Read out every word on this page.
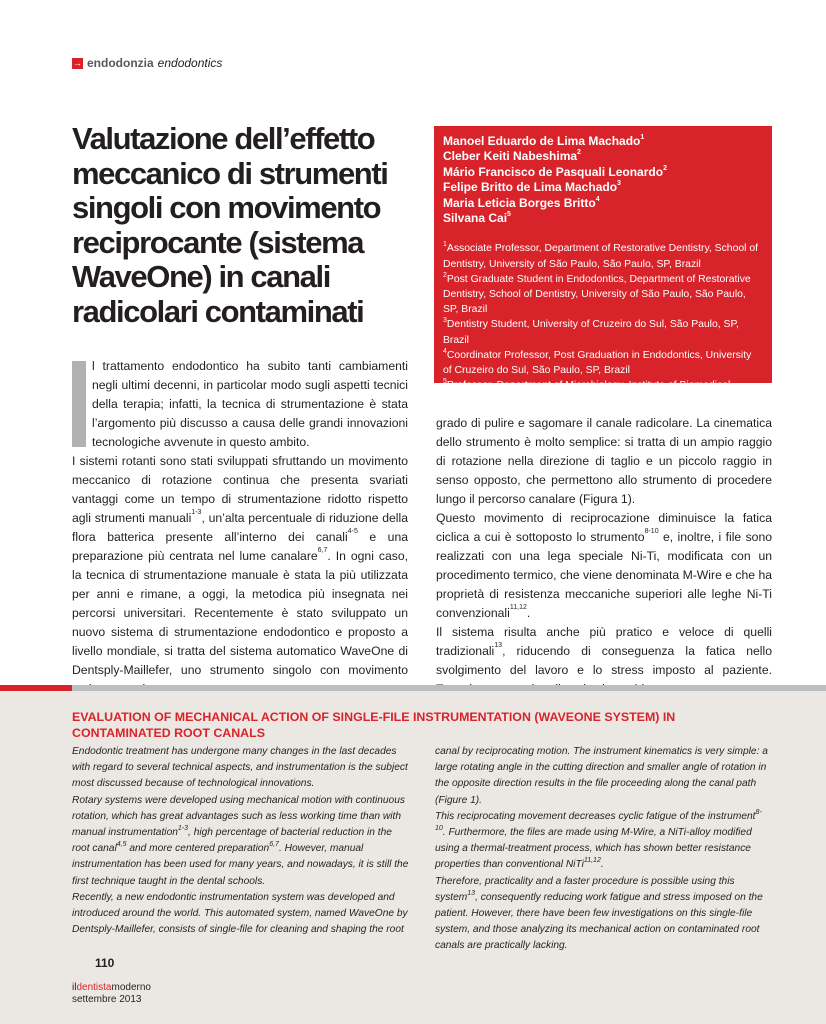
→ endodonzia endodontics
Valutazione dell’effetto meccanico di strumenti singoli con movimento reciprocante (sistema WaveOne) in canali radicolari contaminati
Manoel Eduardo de Lima Machado$^1$
Cleber Keiti Nabeshima$^2$
Mário Francisco de Pasquali Leonardo$^2$
Felipe Britto de Lima Machado$^3$
Maria Leticia Borges Britto$^4$
Silvana Cai$^5$
$^1$Associate Professor, Department of Restorative Dentistry, School of Dentistry, University of São Paulo, São Paulo, SP, Brazil
$^2$Post Graduate Student in Endodontics, Department of Restorative Dentistry, School of Dentistry, University of São Paulo, São Paulo, SP, Brazil
$^3$Dentistry Student, University of Cruzeiro do Sul, São Paulo, SP, Brazil
$^4$Coordinator Professor, Post Graduation in Endodontics, University of Cruzeiro do Sul, São Paulo, SP, Brazil
$^5$Professor, Department of Microbiology, Institute of Biomedical Science, University of São Paulo, São Paulo, SP, Brazil

l trattamento endodontico ha subito tanti cambiamenti negli ultimi decenni, in particolar modo sugli aspetti tecnici della terapia; infatti, la tecnica di strumentazione è stata l’argomento più discusso a causa delle grandi innovazioni tecnologiche avvenute in questo ambito.

I sistemi rotanti sono stati sviluppati sfruttando un movimento meccanico di rotazione continua che presenta svariati vantaggi come un tempo di strumentazione ridotto rispetto agli strumenti manuali$^{1-3}$, un’alta percentuale di riduzione della flora batterica presente all’interno dei canali$^{4-5}$ e una preparazione più centrata nel lume canalare$^{6,7}$. In ogni caso, la tecnica di strumentazione manuale è stata la più utilizzata per anni e rimane, a oggi, la metodica più insegnata nei percorsi universitari. Recentemente è stato sviluppato un nuovo sistema di strumentazione endodontico e proposto a livello mondiale, si tratta del sistema automatico WaveOne di Dentsply-Maillefer, uno strumento singolo con movimento

grado di pulire e sagomare il canale radicolare. La cinematica dello strumento è molto semplice: si tratta di un ampio raggio di rotazione nella direzione di taglio e un piccolo raggio in senso opposto, che permettono allo strumento di procedere lungo il percorso canalare (Figura 1).

Questo movimento di reciprocazione diminuisce la fatica ciclica a cui è sottoposto lo strumento$^{8-10}$ e, inoltre, i file sono realizzati con una lega speciale Ni-Ti, modificata con un procedimento termico, che viene denominata M-Wire e che ha proprietà di resistenza meccaniche superiori alle leghe Ni-Ti convenzionali$^{11,12}$.

Il sistema risulta anche più pratico e veloce di quelli tradizionali$^{13}$, riducendo di conseguenza la fatica nello svolgimento del lavoro e lo stress imposto al paziente.

EVALUATION OF MECHANICAL ACTION OF SINGLE-FILE INSTRUMENTATION (WAVEONE SYSTEM) IN CONTAMINATED ROOT CANALS

Endodontic treatment has undergone many changes in the last decades with regard to several technical aspects, and instrumentation is the subject most discussed because of technological innovations.

Rotary systems were developed using mechanical motion with continuous rotation, which has great advantages such as less working time than with manual instrumentation$^{1-3}$, high percentage of bacterial reduction in the root canal$^{4,5}$ and more centered preparation$^{6,7}$. However, manual instrumentation has been used for many years, and nowadays, it is still the first technique taught in the dental schools.

Recently, a new endodontic instrumentation system was developed and introduced around the world. This automated system, named WaveOne by Dentsply-Maillefer, consists of single-file for cleaning and shaping the root

canal by reciprocating motion. The instrument kinematics is very simple: a large rotating angle in the cutting direction and smaller angle of rotation in the opposite direction results in the file proceeding along the canal path (Figure 1).

This reciprocating movement decreases cyclic fatigue of the instrument$^{8-10}$. Furthermore, the files are made using M-Wire, a NiTi-alloy modified using a thermal-treatment process, which has shown better resistance properties than conventional NiTi$^{11,12}$.

Therefore, practicality and a faster procedure is possible using this system$^{13}$, consequently reducing work fatigue and stress imposed on the patient. However, there have been few investigations on this single-file system, and those analyzing its mechanical action on contaminated root canals are practically lacking.

110
ildentistamoderno
settembre 2013
